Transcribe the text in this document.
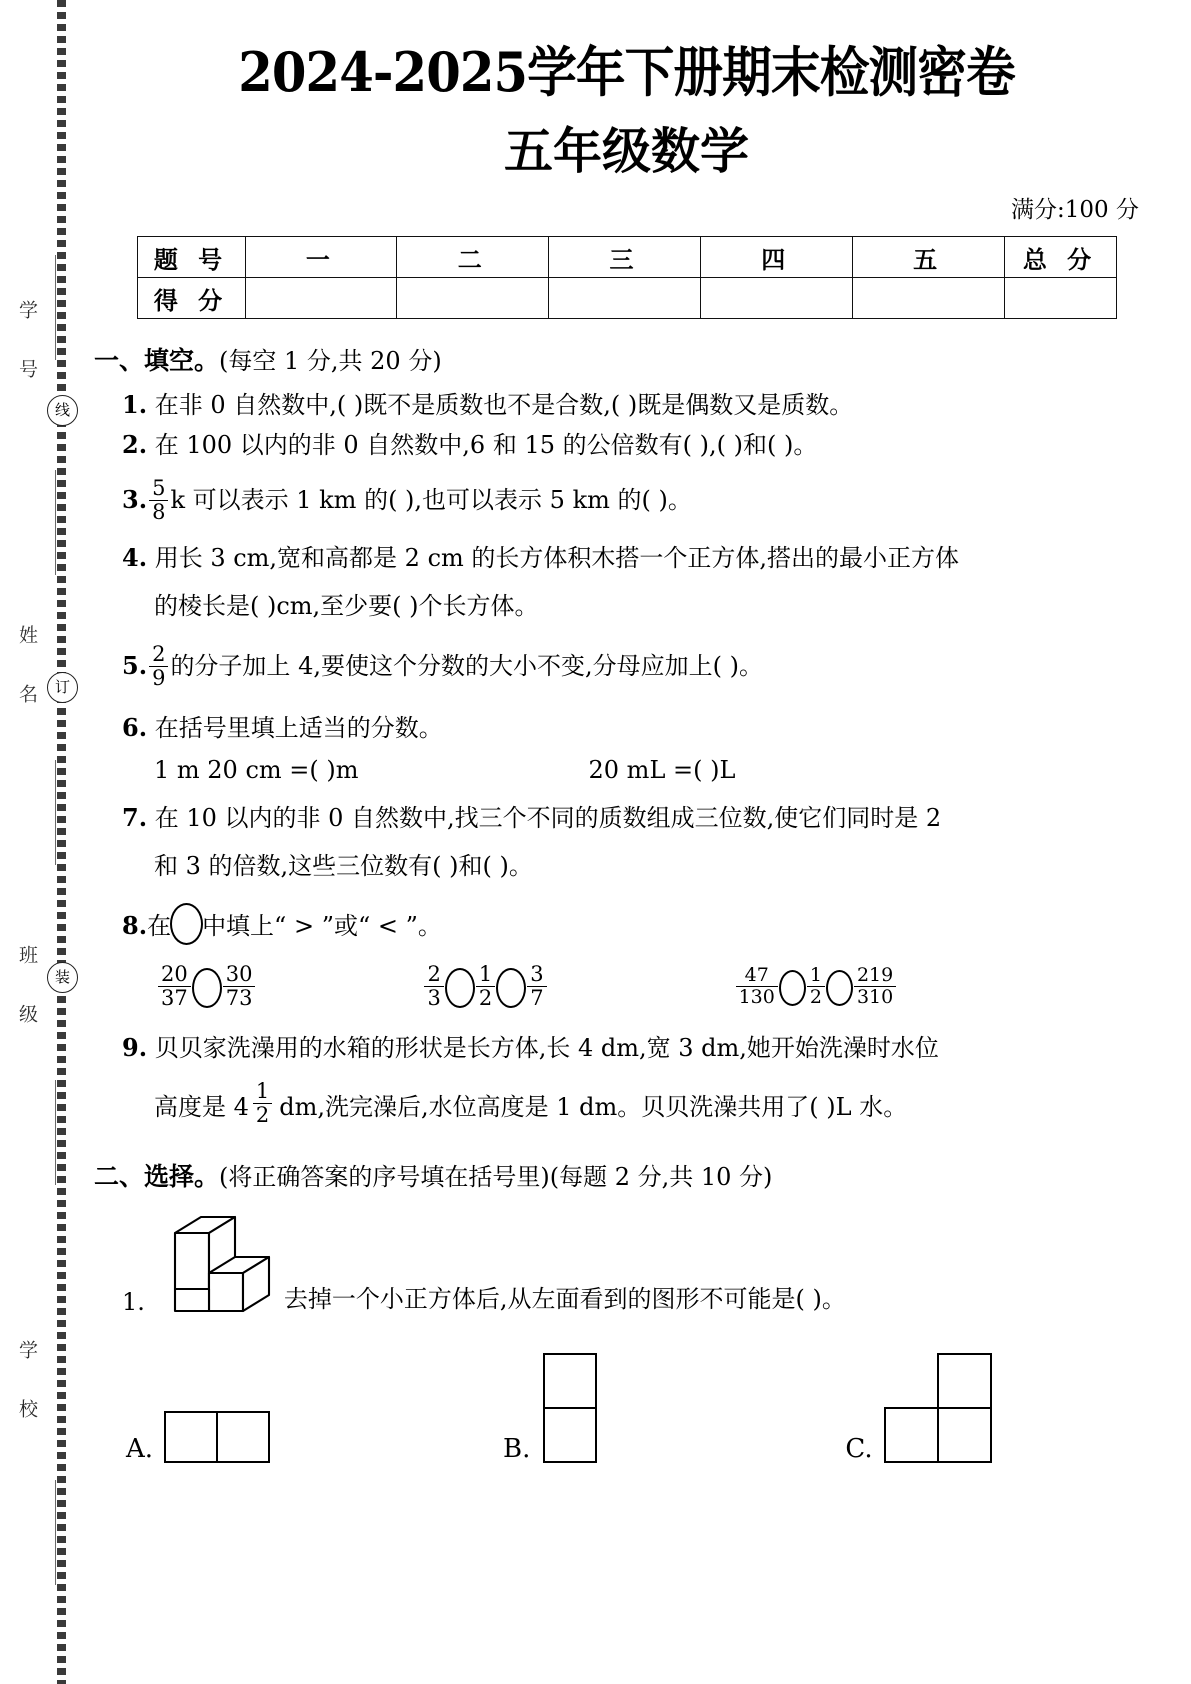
学 号
姓 名
班 级
学 校
线
订
装
2024-2025学年下册期末检测密卷
五年级数学
满分:100 分
题 号	一	二	三	四	五	总 分
得 分						
一、填空。(每空 1 分,共 20 分)
1. 在非 0 自然数中,( )既不是质数也不是合数,( )既是偶数又是质数。
2. 在 100 以内的非 0 自然数中,6 和 15 的公倍数有( ),( )和( )。
3. $\frac{5}{8}$ k 可以表示 1 km 的( ),也可以表示 5 km 的( )。
4. 用长 3 cm,宽和高都是 2 cm 的长方体积木搭一个正方体,搭出的最小正方体
的棱长是( )cm,至少要( )个长方体。
5. $\frac{2}{9}$ 的分子加上 4,要使这个分数的大小不变,分母应加上( )。
6. 在括号里填上适当的分数。
1 m 20 cm =( )m	20 mL =( )L
7. 在 10 以内的非 0 自然数中,找三个不同的质数组成三位数,使它们同时是 2
和 3 的倍数,这些三位数有( )和( )。
8. 在 中填上“ > ”或“ < ”。
$\frac{20}{37} \frac{30}{73}$	$\frac{2}{3} \frac{1}{2} \frac{3}{7}$	$\frac{47}{130} \frac{1}{2} \frac{219}{310}$
9. 贝贝家洗澡用的水箱的形状是长方体,长 4 dm,宽 3 dm,她开始洗澡时水位
高度是 $4 \frac{1}{2}$ dm,洗完澡后,水位高度是 1 dm。贝贝洗澡共用了( )L 水。
二、选择。(将正确答案的序号填在括号里)(每题 2 分,共 10 分)
1.	去掉一个小正方体后,从左面看到的图形不可能是( )。
A.	B.	C.
